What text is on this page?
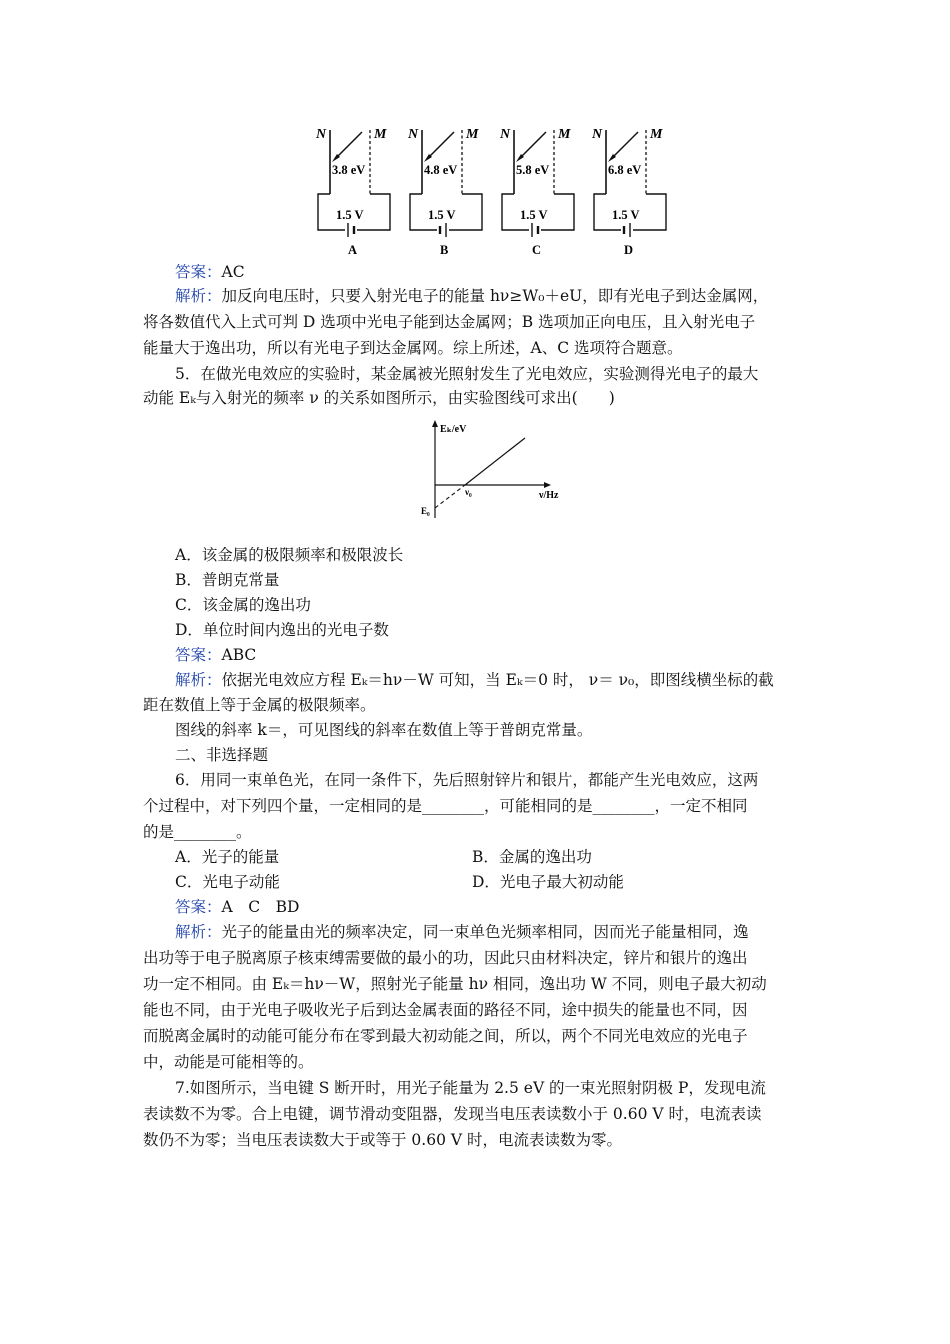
N	M
3.8 eV
1.5 V
A
N	M
4.8 eV
1.5 V
B
N	M
5.8 eV
1.5 V
C
N	M
6.8 eV
1.5 V
D
答案：AC
解析：加反向电压时，只要入射光电子的能量 hν≥W₀＋eU，即有光电子到达金属网，
将各数值代入上式可判 D 选项中光电子能到达金属网；B 选项加正向电压，且入射光电子
能量大于逸出功，所以有光电子到达金属网。综上所述，A、C 选项符合题意。
5．在做光电效应的实验时，某金属被光照射发生了光电效应，实验测得光电子的最大
动能 Eₖ与入射光的频率 ν 的关系如图所示，由实验图线可求出(　　)
Eₖ/eV
ν/Hz
ν₀
E₀
A．该金属的极限频率和极限波长
B．普朗克常量
C．该金属的逸出功
D．单位时间内逸出的光电子数
答案：ABC
解析：依据光电效应方程 Eₖ＝hν－W 可知，当 Eₖ＝0 时， ν＝ ν₀，即图线横坐标的截
距在数值上等于金属的极限频率。
图线的斜率 k＝，可见图线的斜率在数值上等于普朗克常量。
二、非选择题
6．用同一束单色光，在同一条件下，先后照射锌片和银片，都能产生光电效应，这两
个过程中，对下列四个量，一定相同的是________，可能相同的是________，一定不相同
的是________。
A．光子的能量	B．金属的逸出功
C．光电子动能	D．光电子最大初动能
答案：A　C　BD
解析：光子的能量由光的频率决定，同一束单色光频率相同，因而光子能量相同，逸
出功等于电子脱离原子核束缚需要做的最小的功，因此只由材料决定，锌片和银片的逸出
功一定不相同。由 Eₖ＝hν－W，照射光子能量 hν 相同，逸出功 W 不同，则电子最大初动
能也不同，由于光电子吸收光子后到达金属表面的路径不同，途中损失的能量也不同，因
而脱离金属时的动能可能分布在零到最大初动能之间，所以，两个不同光电效应的光电子
中，动能是可能相等的。
7.如图所示，当电键 S 断开时，用光子能量为 2.5 eV 的一束光照射阴极 P，发现电流
表读数不为零。合上电键，调节滑动变阻器，发现当电压表读数小于 0.60 V 时，电流表读
数仍不为零；当电压表读数大于或等于 0.60 V 时，电流表读数为零。
